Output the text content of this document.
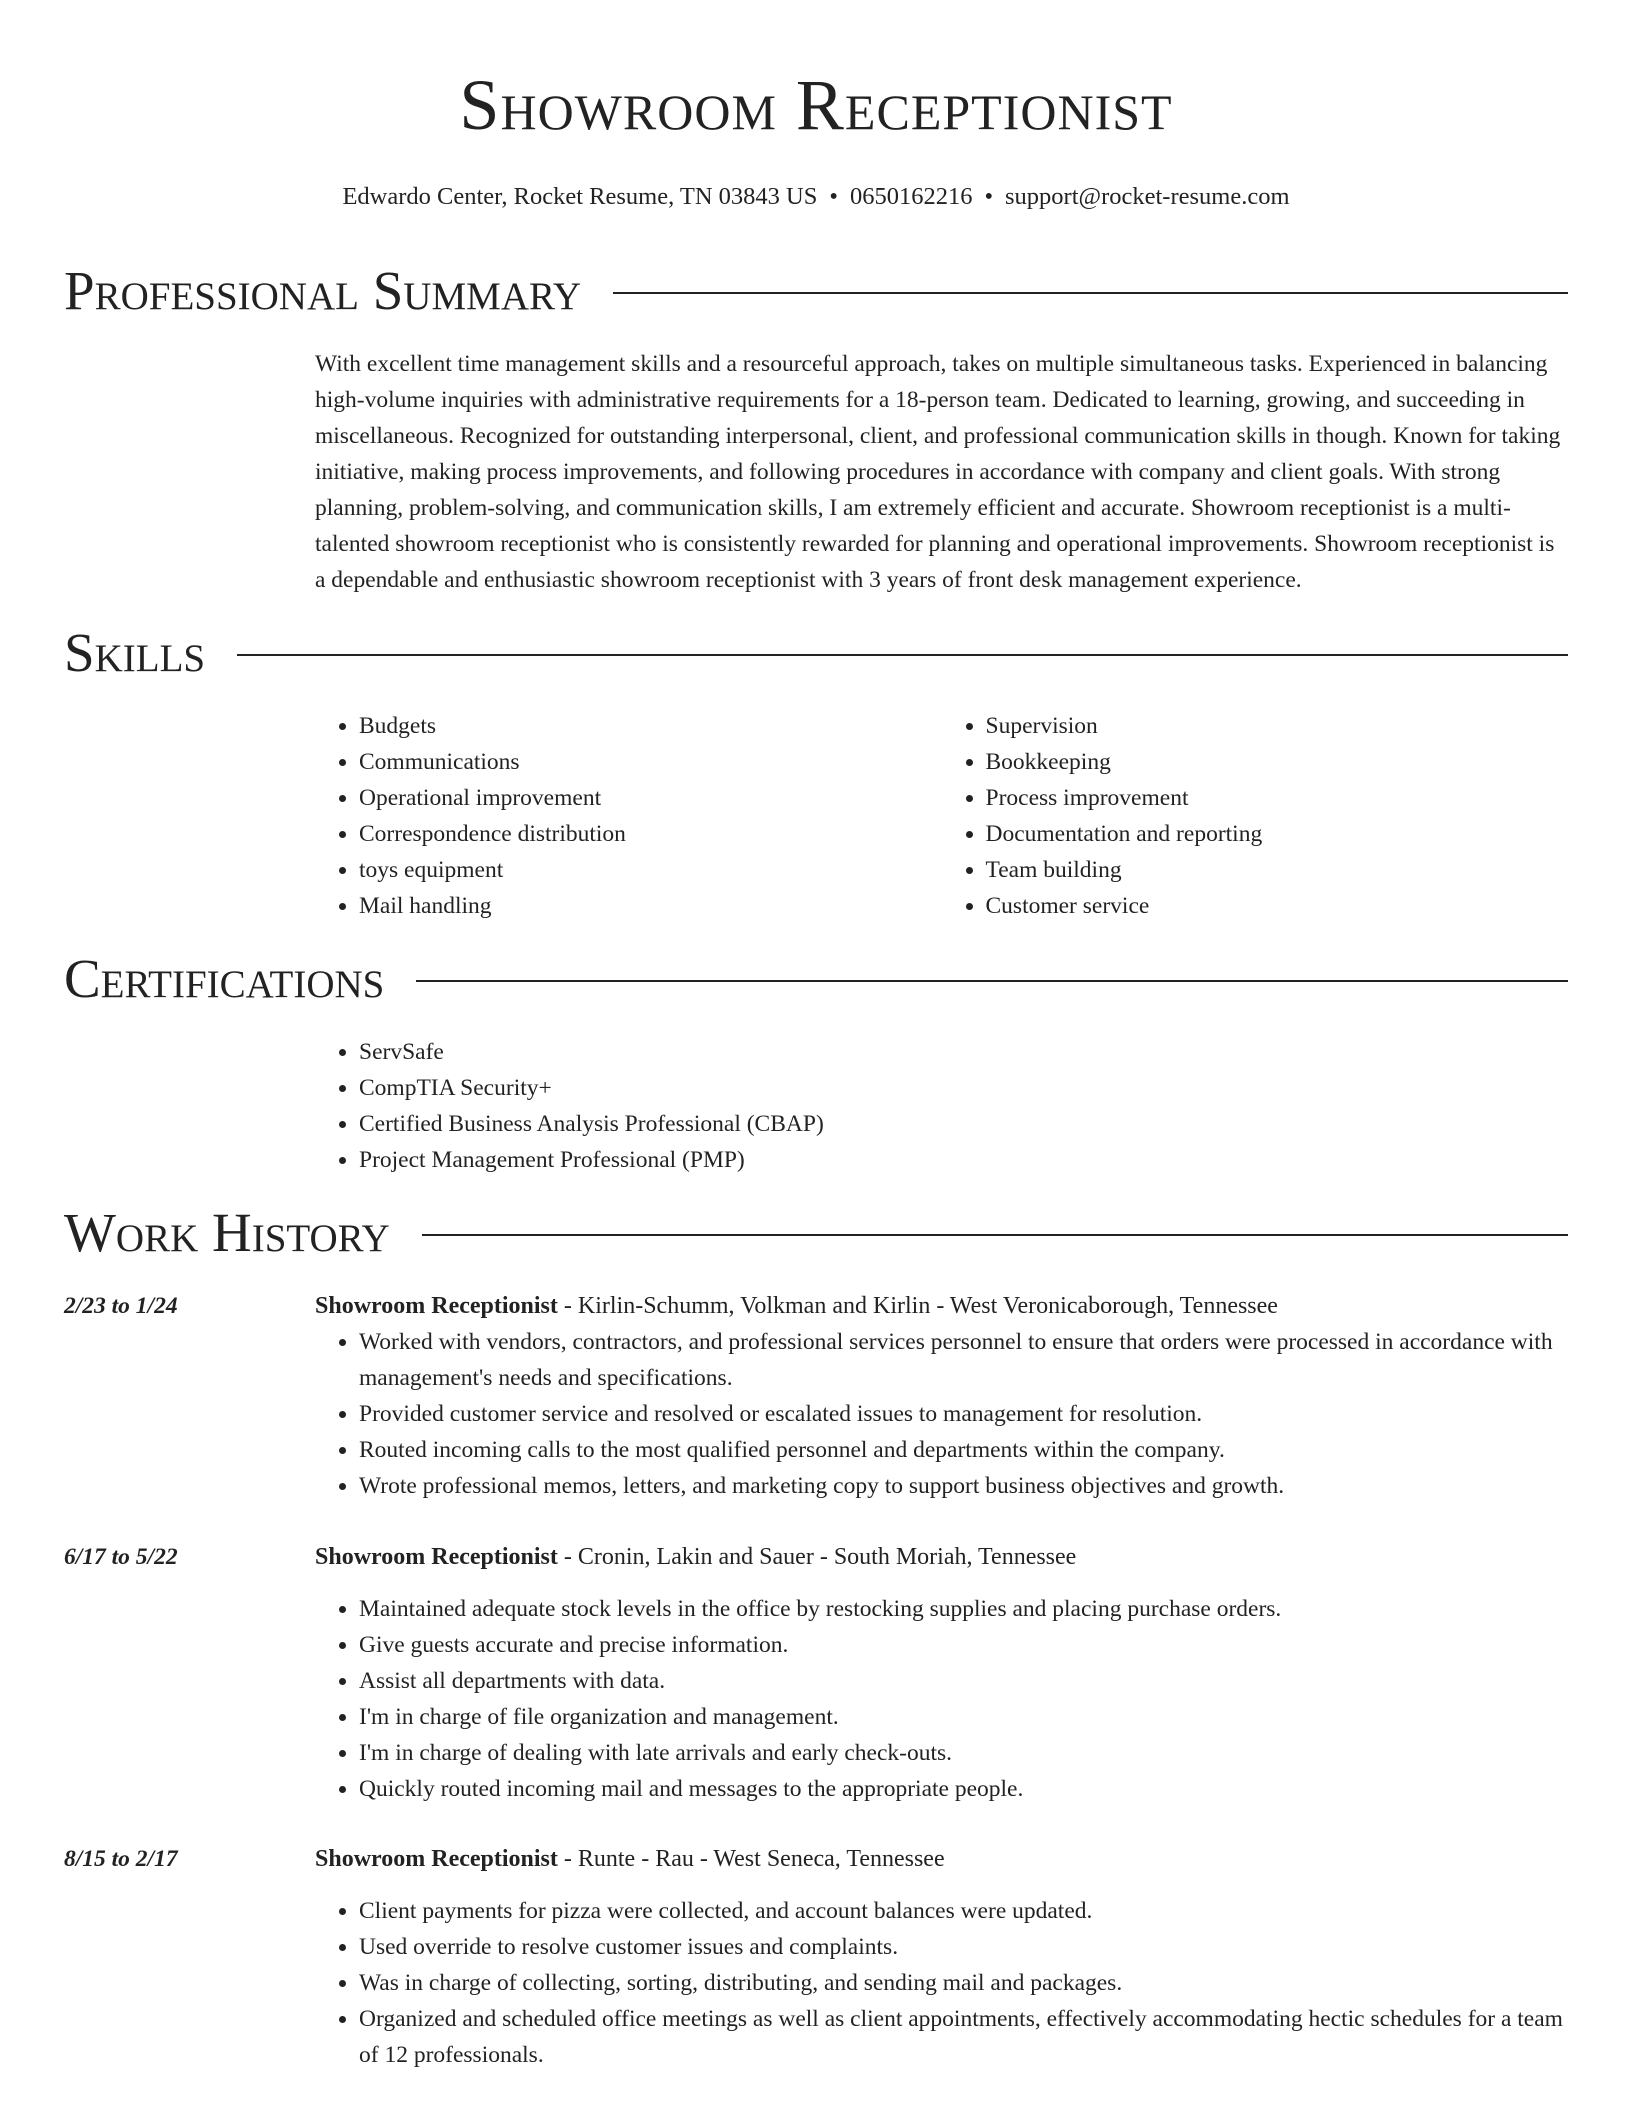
Showroom Receptionist
Edwardo Center, Rocket Resume, TN 03843 US • 0650162216 • support@rocket-resume.com
Professional Summary

With excellent time management skills and a resourceful approach, takes on multiple simultaneous tasks. Experienced in balancing high-volume inquiries with administrative requirements for a 18-person team. Dedicated to learning, growing, and succeeding in miscellaneous. Recognized for outstanding interpersonal, client, and professional communication skills in though. Known for taking initiative, making process improvements, and following procedures in accordance with company and client goals. With strong planning, problem-solving, and communication skills, I am extremely efficient and accurate. Showroom receptionist is a multi-talented showroom receptionist who is consistently rewarded for planning and operational improvements. Showroom receptionist is a dependable and enthusiastic showroom receptionist with 3 years of front desk management experience.

Skills
• Budgets
• Communications
• Operational improvement
• Correspondence distribution
• toys equipment
• Mail handling
• Supervision
• Bookkeeping
• Process improvement
• Documentation and reporting
• Team building
• Customer service
Certifications
• ServSafe
• CompTIA Security+
• Certified Business Analysis Professional (CBAP)
• Project Management Professional (PMP)
Work History
2/23 to 1/24	Showroom Receptionist - Kirlin-Schumm, Volkman and Kirlin - West Veronicaborough, Tennessee
• Worked with vendors, contractors, and professional services personnel to ensure that orders were processed in accordance with management's needs and specifications.
• Provided customer service and resolved or escalated issues to management for resolution.
• Routed incoming calls to the most qualified personnel and departments within the company.
• Wrote professional memos, letters, and marketing copy to support business objectives and growth.
6/17 to 5/22	Showroom Receptionist - Cronin, Lakin and Sauer - South Moriah, Tennessee
• Maintained adequate stock levels in the office by restocking supplies and placing purchase orders.
• Give guests accurate and precise information.
• Assist all departments with data.
• I'm in charge of file organization and management.
• I'm in charge of dealing with late arrivals and early check-outs.
• Quickly routed incoming mail and messages to the appropriate people.
8/15 to 2/17	Showroom Receptionist - Runte - Rau - West Seneca, Tennessee
• Client payments for pizza were collected, and account balances were updated.
• Used override to resolve customer issues and complaints.
• Was in charge of collecting, sorting, distributing, and sending mail and packages.
• Organized and scheduled office meetings as well as client appointments, effectively accommodating hectic schedules for a team of 12 professionals.
